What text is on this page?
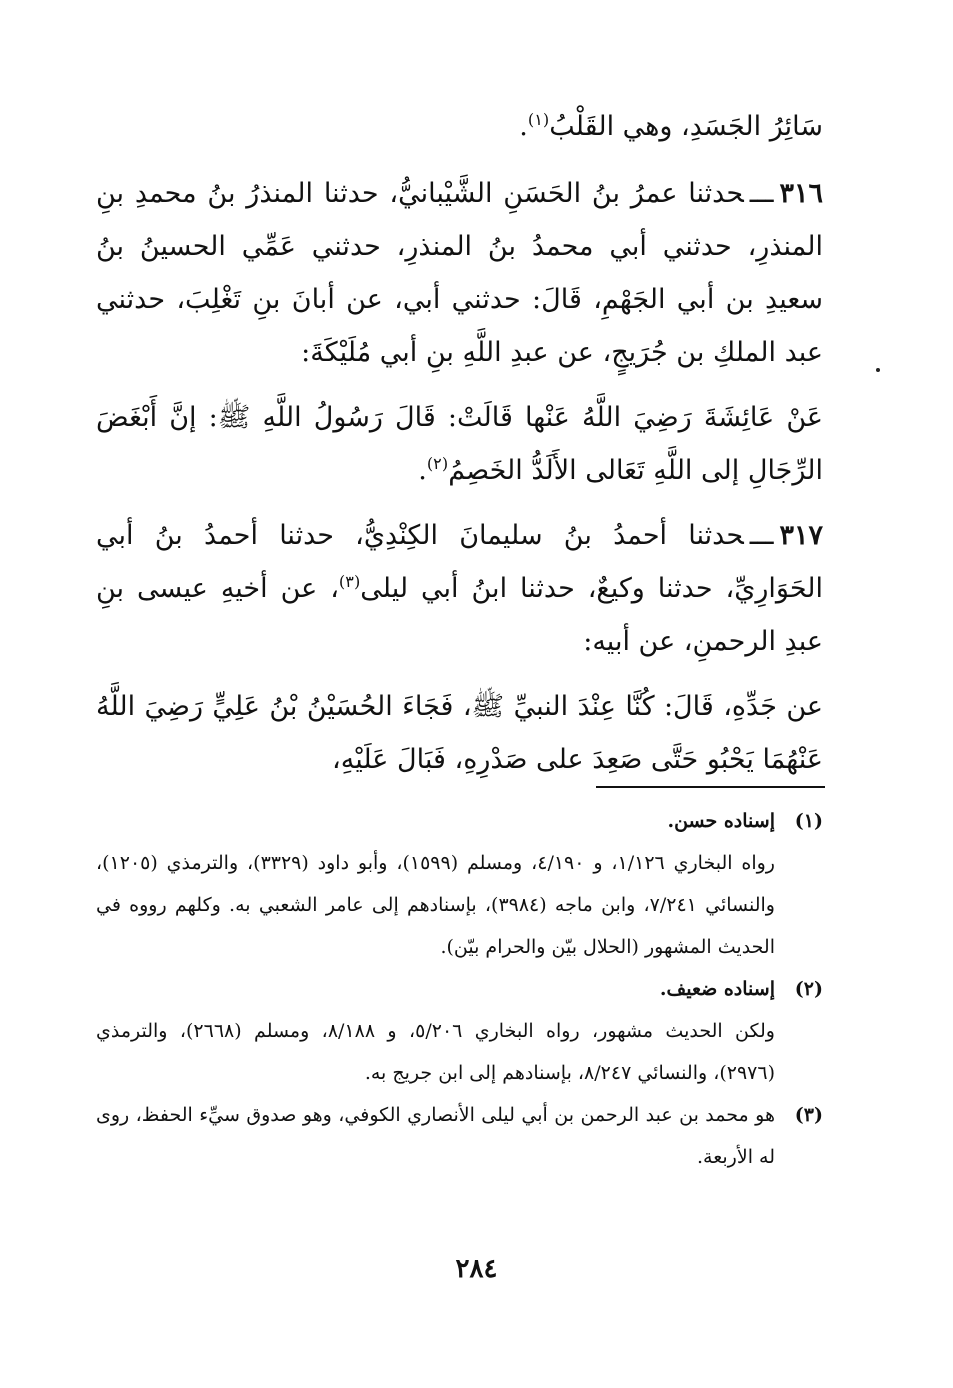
سَائِرُ الجَسَدِ، وهي القَلْبُ$^{(١)}$.

٣١٦ـــحدثنا عمرُ بنُ الحَسَنِ الشَّيْبانيُّ، حدثنا المنذرُ بنُ محمدِ بنِ المنذرِ، حدثني أبي محمدُ بنُ المنذرِ، حدثني عَمِّي الحسينُ بنُ سعيدِ بن أبي الجَهْمِ، قَالَ: حدثني أبي، عن أبانَ بنِ تَغْلِبَ، حدثني عبد الملكِ بن جُرَيجٍ، عن عبدِ اللَّهِ بنِ أبي مُلَيْكَةَ:

عَنْ عَائِشَةَ رَضِيَ اللَّهُ عَنْها قَالَتْ: قَالَ رَسُولُ اللَّهِ ﷺ: إنَّ أَبْغَضَ الرِّجَالِ إلى اللَّهِ تَعَالى الأَلَدُّ الخَصِمُ$^{(٢)}$.

٣١٧ـــحدثنا أحمدُ بنُ سليمانَ الكِنْدِيُّ، حدثنا أحمدُ بنُ أبي الحَوَارِيِّ، حدثنا وكيعٌ، حدثنا ابنُ أبي ليلى$^{(٣)}$، عن أخيهِ عيسى بنِ عبدِ الرحمنِ، عن أبيه:

عن جَدِّهِ، قَالَ: كُنَّا عِنْدَ النبيِّ ﷺ، فَجَاءَ الحُسَيْنُ بْنُ عَلِيٍّ رَضِيَ اللَّهُ عَنْهُمَا يَحْبُو حَتَّى صَعِدَ على صَدْرِهِ، فَبَالَ عَلَيْهِ،

(١)
إسناده حسن.
رواه البخاري ١/١٢٦، و ٤/١٩٠، ومسلم (١٥٩٩)، وأبو داود (٣٣٢٩)، والترمذي (١٢٠٥)، والنسائي ٧/٢٤١، وابن ماجه (٣٩٨٤)، بإسنادهم إلى عامر الشعبي به. وكلهم رووه في الحديث المشهور (الحلال بيّن والحرام بيّن).
(٢)
إسناده ضعيف.
ولكن الحديث مشهور، رواه البخاري ٥/٢٠٦، و ٨/١٨٨، ومسلم (٢٦٦٨)، والترمذي (٢٩٧٦)، والنسائي ٨/٢٤٧، بإسنادهم إلى ابن جريج به.
(٣)
هو محمد بن عبد الرحمن بن أبي ليلى الأنصاري الكوفي، وهو صدوق سيِّء الحفظ، روى له الأربعة.
٢٨٤
